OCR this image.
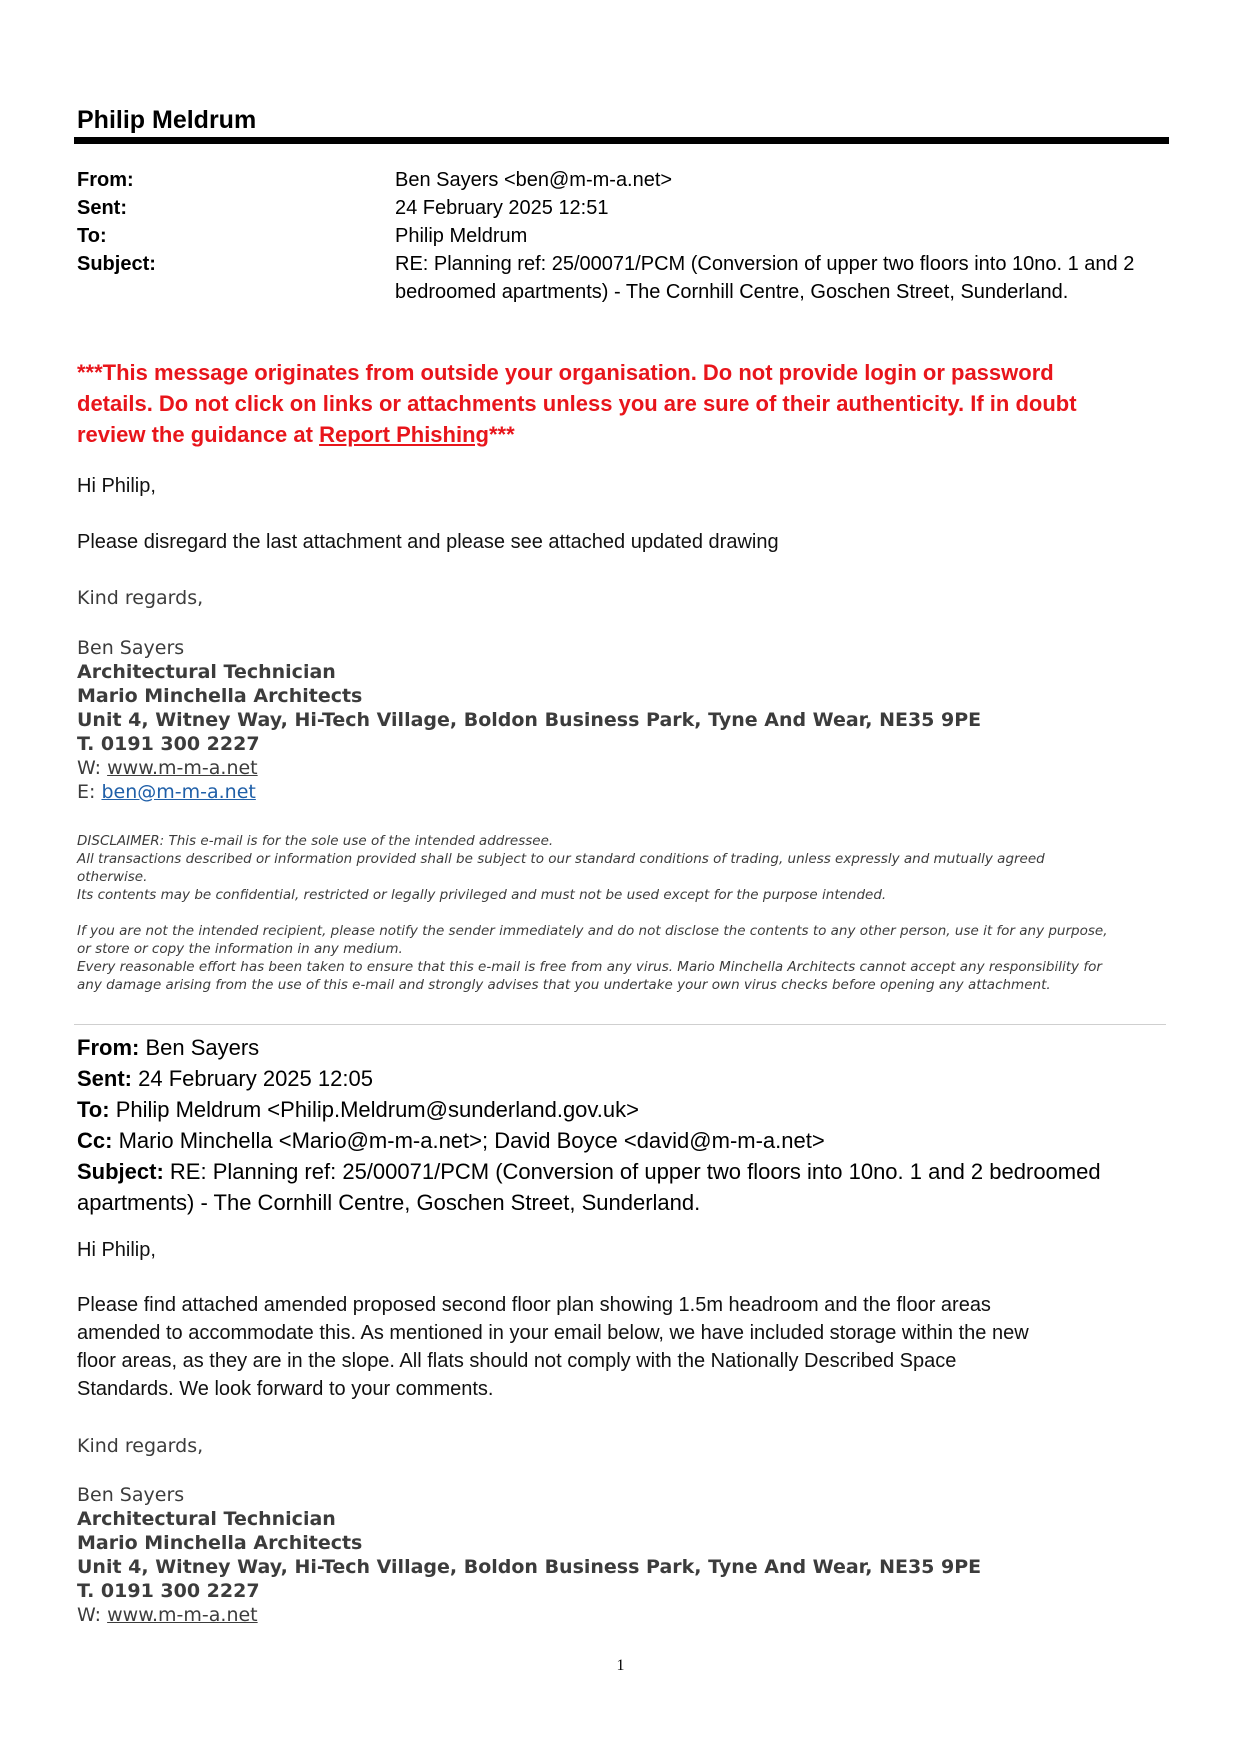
Philip Meldrum
From:	Ben Sayers <ben@m-m-a.net>
Sent:	24 February 2025 12:51
To:	Philip Meldrum
Subject:	RE: Planning ref: 25/00071/PCM (Conversion of upper two floors into 10no. 1 and 2
bedroomed apartments) - The Cornhill Centre, Goschen Street, Sunderland.
***This message originates from outside your organisation. Do not provide login or password
details. Do not click on links or attachments unless you are sure of their authenticity. If in doubt
review the guidance at Report Phishing***
Hi Philip,
Please disregard the last attachment and please see attached updated drawing
Kind regards,
Ben Sayers
Architectural Technician
Mario Minchella Architects
Unit 4, Witney Way, Hi-Tech Village, Boldon Business Park, Tyne And Wear, NE35 9PE
T. 0191 300 2227
W: www.m-m-a.net
E: ben@m-m-a.net

DISCLAIMER: This e-mail is for the sole use of the intended addressee.

All transactions described or information provided shall be subject to our standard conditions of trading, unless expressly and mutually agreed

otherwise.

Its contents may be confidential, restricted or legally privileged and must not be used except for the purpose intended.

If you are not the intended recipient, please notify the sender immediately and do not disclose the contents to any other person, use it for any purpose,

or store or copy the information in any medium.

Every reasonable effort has been taken to ensure that this e-mail is free from any virus. Mario Minchella Architects cannot accept any responsibility for

any damage arising from the use of this e-mail and strongly advises that you undertake your own virus checks before opening any attachment.

From: Ben Sayers

Sent: 24 February 2025 12:05

To: Philip Meldrum <Philip.Meldrum@sunderland.gov.uk>

Cc: Mario Minchella <Mario@m-m-a.net>; David Boyce <david@m-m-a.net>

Subject: RE: Planning ref: 25/00071/PCM (Conversion of upper two floors into 10no. 1 and 2 bedroomed

apartments) - The Cornhill Centre, Goschen Street, Sunderland.

Hi Philip,
Please find attached amended proposed second floor plan showing 1.5m headroom and the floor areas
amended to accommodate this. As mentioned in your email below, we have included storage within the new
floor areas, as they are in the slope. All flats should not comply with the Nationally Described Space
Standards. We look forward to your comments.
Kind regards,
Ben Sayers
Architectural Technician
Mario Minchella Architects
Unit 4, Witney Way, Hi-Tech Village, Boldon Business Park, Tyne And Wear, NE35 9PE
T. 0191 300 2227
W: www.m-m-a.net
1
